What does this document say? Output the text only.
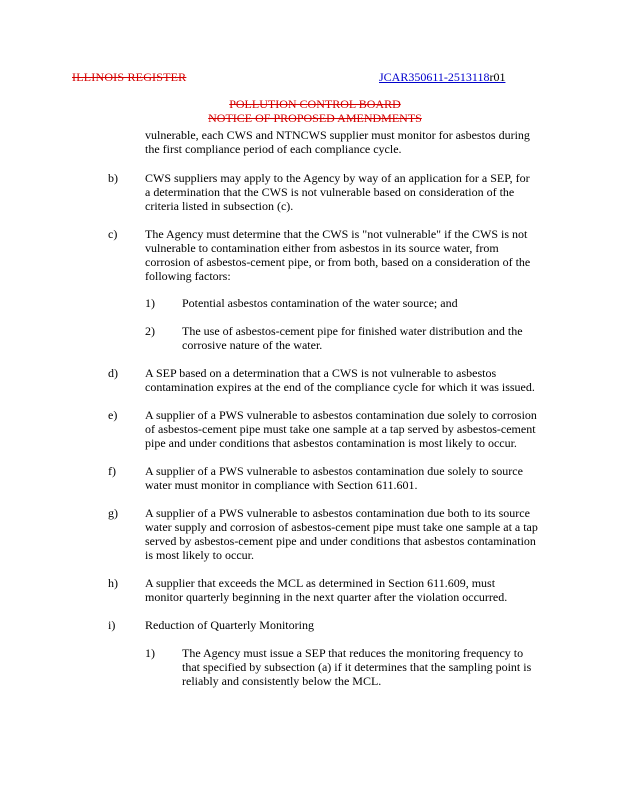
ILLINOIS REGISTER	JCAR350611-2513118r01
POLLUTION CONTROL BOARD
NOTICE OF PROPOSED AMENDMENTS
vulnerable, each CWS and NTNCWS supplier must monitor for asbestos during
the first compliance period of each compliance cycle.
b) CWS suppliers may apply to the Agency by way of an application for a SEP, for
a determination that the CWS is not vulnerable based on consideration of the
criteria listed in subsection (c).
c) The Agency must determine that the CWS is "not vulnerable" if the CWS is not
vulnerable to contamination either from asbestos in its source water, from
corrosion of asbestos-cement pipe, or from both, based on a consideration of the
following factors:
1) Potential asbestos contamination of the water source; and
2) The use of asbestos-cement pipe for finished water distribution and the
corrosive nature of the water.
d) A SEP based on a determination that a CWS is not vulnerable to asbestos
contamination expires at the end of the compliance cycle for which it was issued.
e) A supplier of a PWS vulnerable to asbestos contamination due solely to corrosion
of asbestos-cement pipe must take one sample at a tap served by asbestos-cement
pipe and under conditions that asbestos contamination is most likely to occur.
f) A supplier of a PWS vulnerable to asbestos contamination due solely to source
water must monitor in compliance with Section 611.601.
g) A supplier of a PWS vulnerable to asbestos contamination due both to its source
water supply and corrosion of asbestos-cement pipe must take one sample at a tap
served by asbestos-cement pipe and under conditions that asbestos contamination
is most likely to occur.
h) A supplier that exceeds the MCL as determined in Section 611.609, must
monitor quarterly beginning in the next quarter after the violation occurred.
i) Reduction of Quarterly Monitoring
1) The Agency must issue a SEP that reduces the monitoring frequency to
that specified by subsection (a) if it determines that the sampling point is
reliably and consistently below the MCL.
